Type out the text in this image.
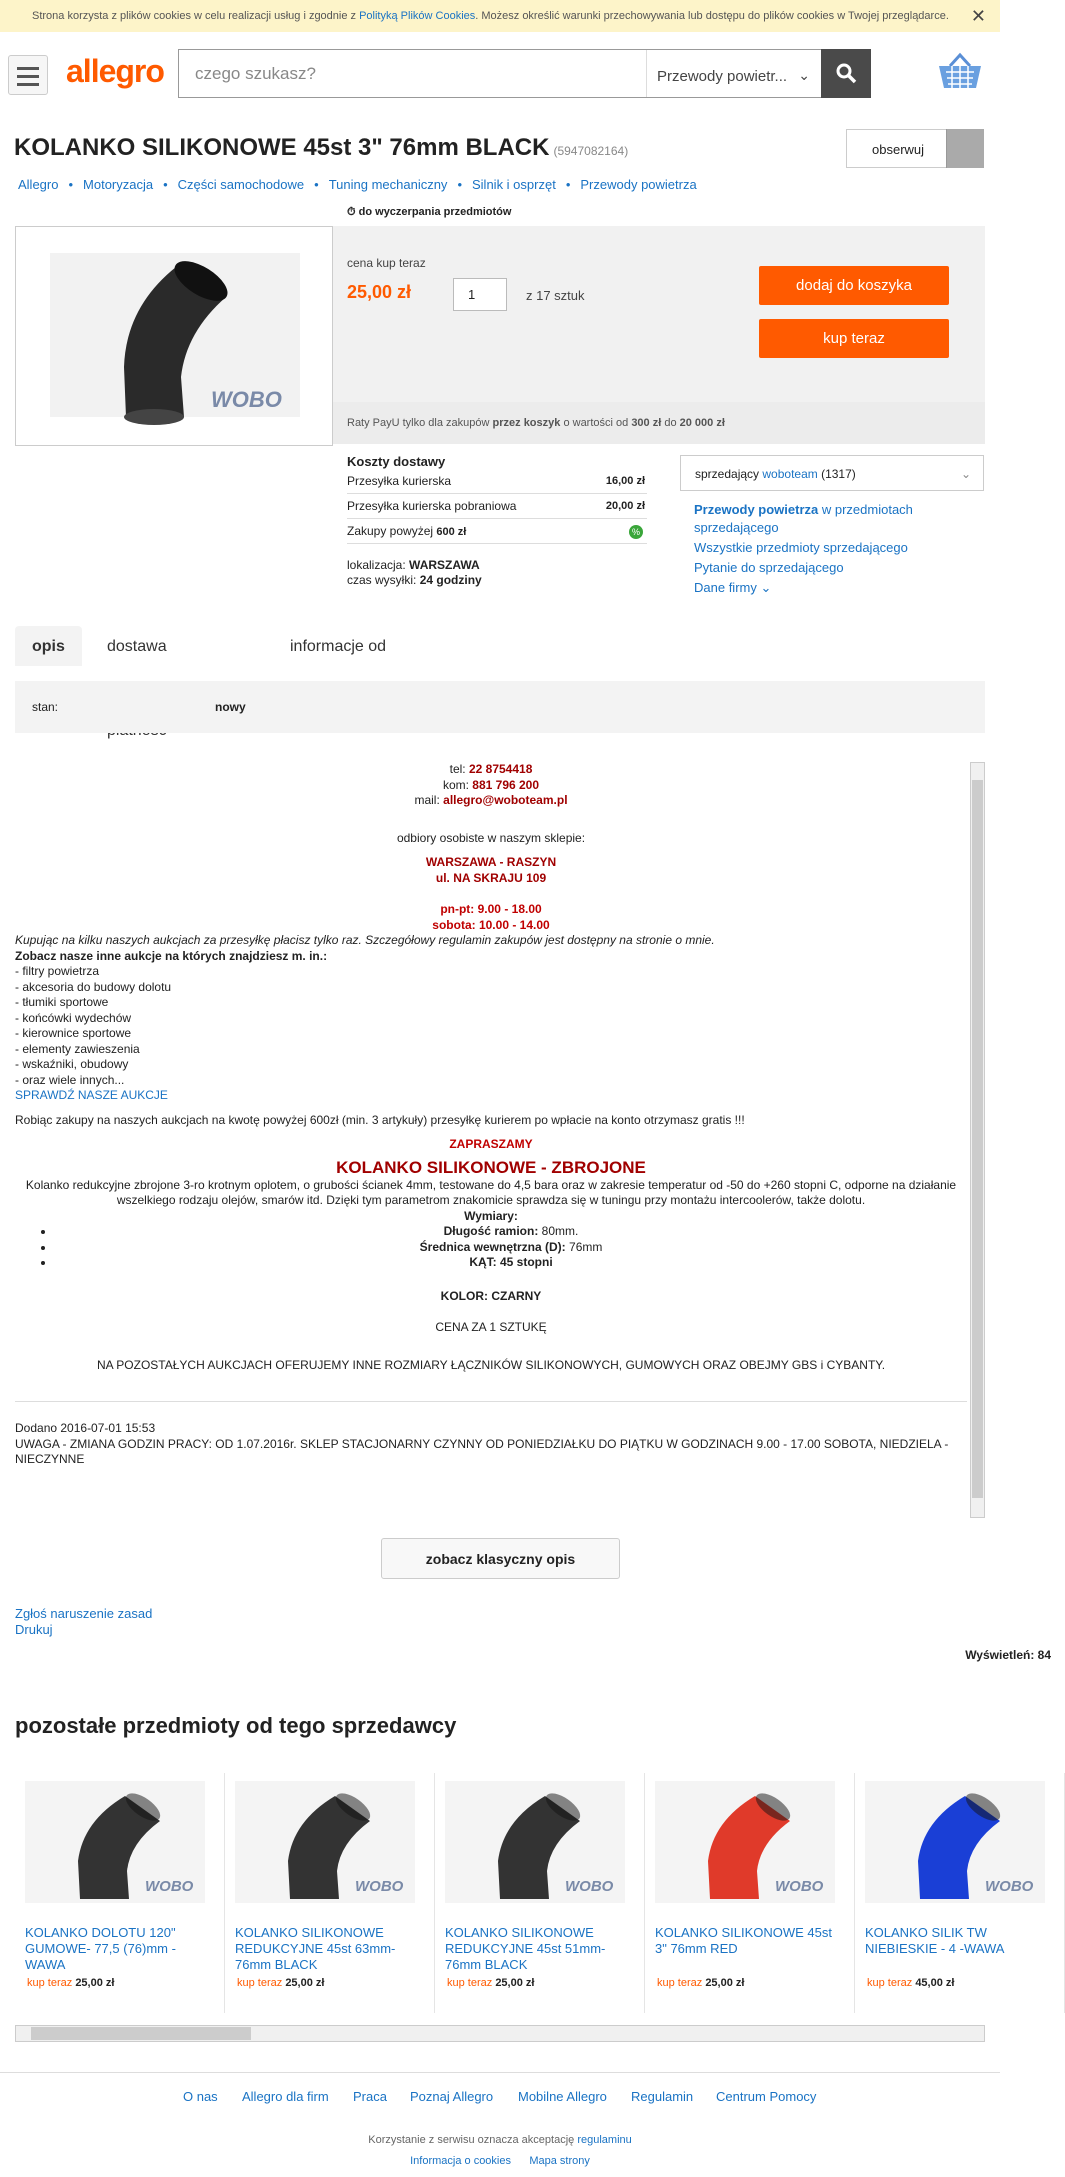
Strona korzysta z plików cookies w celu realizacji usług i zgodnie z Polityką Plików Cookies. Możesz określić warunki przechowywania lub dostępu do plików cookies w Twojej przeglądarce. ✕
allegro czego szukasz?	Przewody powietr... ⌄
KOLANKO SILIKONOWE 45st 3" 76mm BLACK (5947082164)	obserwuj
Allegro • Motoryzacja • Części samochodowe • Tuning mechaniczny • Silnik i osprzęt • Przewody powietrza
⏱ do wyczerpania przedmiotów
WOBO
cena kup teraz
25,00 zł	1	z 17 sztuk
dodaj do koszyka
kup teraz
Raty PayU tylko dla zakupów przez koszyk o wartości od 300 zł do 20 000 zł
Koszty dostawy
Przesyłka kurierska	16,00 zł
Przesyłka kurierska pobraniowa	20,00 zł
Zakupy powyżej 600 zł	%
lokalizacja: WARSZAWA
czas wysyłki: 24 godziny
sprzedający woboteam (1317)	⌄
Przewody powietrza w przedmiotach sprzedającego
Wszystkie przedmioty sprzedającego
Pytanie do sprzedającego
Dane firmy ⌄
opis	dostawa	informacje od
stan:	nowy
tel: 22 8754418
kom: 881 796 200
mail: allegro@woboteam.pl
odbiory osobiste w naszym sklepie:
WARSZAWA - RASZYN
ul. NA SKRAJU 109
pn-pt: 9.00 - 18.00
sobota: 10.00 - 14.00
Kupując na kilku naszych aukcjach za przesyłkę płacisz tylko raz. Szczegółowy regulamin zakupów jest dostępny na stronie o mnie.
Zobacz nasze inne aukcje na których znajdziesz m. in.:
- filtry powietrza
- akcesoria do budowy dolotu
- tłumiki sportowe
- końcówki wydechów
- kierownice sportowe
- elementy zawieszenia
- wskaźniki, obudowy
- oraz wiele innych...
SPRAWDŹ NASZE AUKCJE
Robiąc zakupy na naszych aukcjach na kwotę powyżej 600zł (min. 3 artykuły) przesyłkę kurierem po wpłacie na konto otrzymasz gratis !!!
ZAPRASZAMY
KOLANKO SILIKONOWE - ZBROJONE
Kolanko redukcyjne zbrojone 3-ro krotnym oplotem, o grubości ścianek 4mm, testowane do 4,5 bara oraz w zakresie temperatur od -50 do +260 stopni C, odporne na działanie wszelkiego rodzaju olejów, smarów itd. Dzięki tym parametrom znakomicie sprawdza się w tuningu przy montażu intercoolerów, także dolotu.
Wymiary:
• Długość ramion: 80mm.
• Średnica wewnętrzna (D): 76mm
• KĄT: 45 stopni
KOLOR: CZARNY
CENA ZA 1 SZTUKĘ
NA POZOSTAŁYCH AUKCJACH OFERUJEMY INNE ROZMIARY ŁĄCZNIKÓW SILIKONOWYCH, GUMOWYCH ORAZ OBEJMY GBS i CYBANTY.
Dodano 2016-07-01 15:53
UWAGA - ZMIANA GODZIN PRACY: OD 1.07.2016r. SKLEP STACJONARNY CZYNNY OD PONIEDZIAŁKU DO PIĄTKU W GODZINACH 9.00 - 17.00 SOBOTA, NIEDZIELA - NIECZYNNE
zobacz klasyczny opis
Zgłoś naruszenie zasad
Drukuj
Wyświetleń: 84
pozostałe przedmioty od tego sprzedawcy
WOBO
KOLANKO DOLOTU 120" GUMOWE- 77,5 (76)mm -WAWA
kup teraz 25,00 zł
WOBO
KOLANKO SILIKONOWE REDUKCYJNE 45st 63mm-76mm BLACK
kup teraz 25,00 zł
WOBO
KOLANKO SILIKONOWE REDUKCYJNE 45st 51mm-76mm BLACK
kup teraz 25,00 zł
WOBO
KOLANKO SILIKONOWE 45st 3" 76mm RED
kup teraz 25,00 zł
WOBO
KOLANKO SILIK TW NIEBIESKIE - 4 -WAWA
kup teraz 45,00 zł
O nas Allegro dla firm Praca Poznaj Allegro Mobilne Allegro Regulamin Centrum Pomocy
Korzystanie z serwisu oznacza akceptację regulaminu
Informacja o cookies Mapa strony
